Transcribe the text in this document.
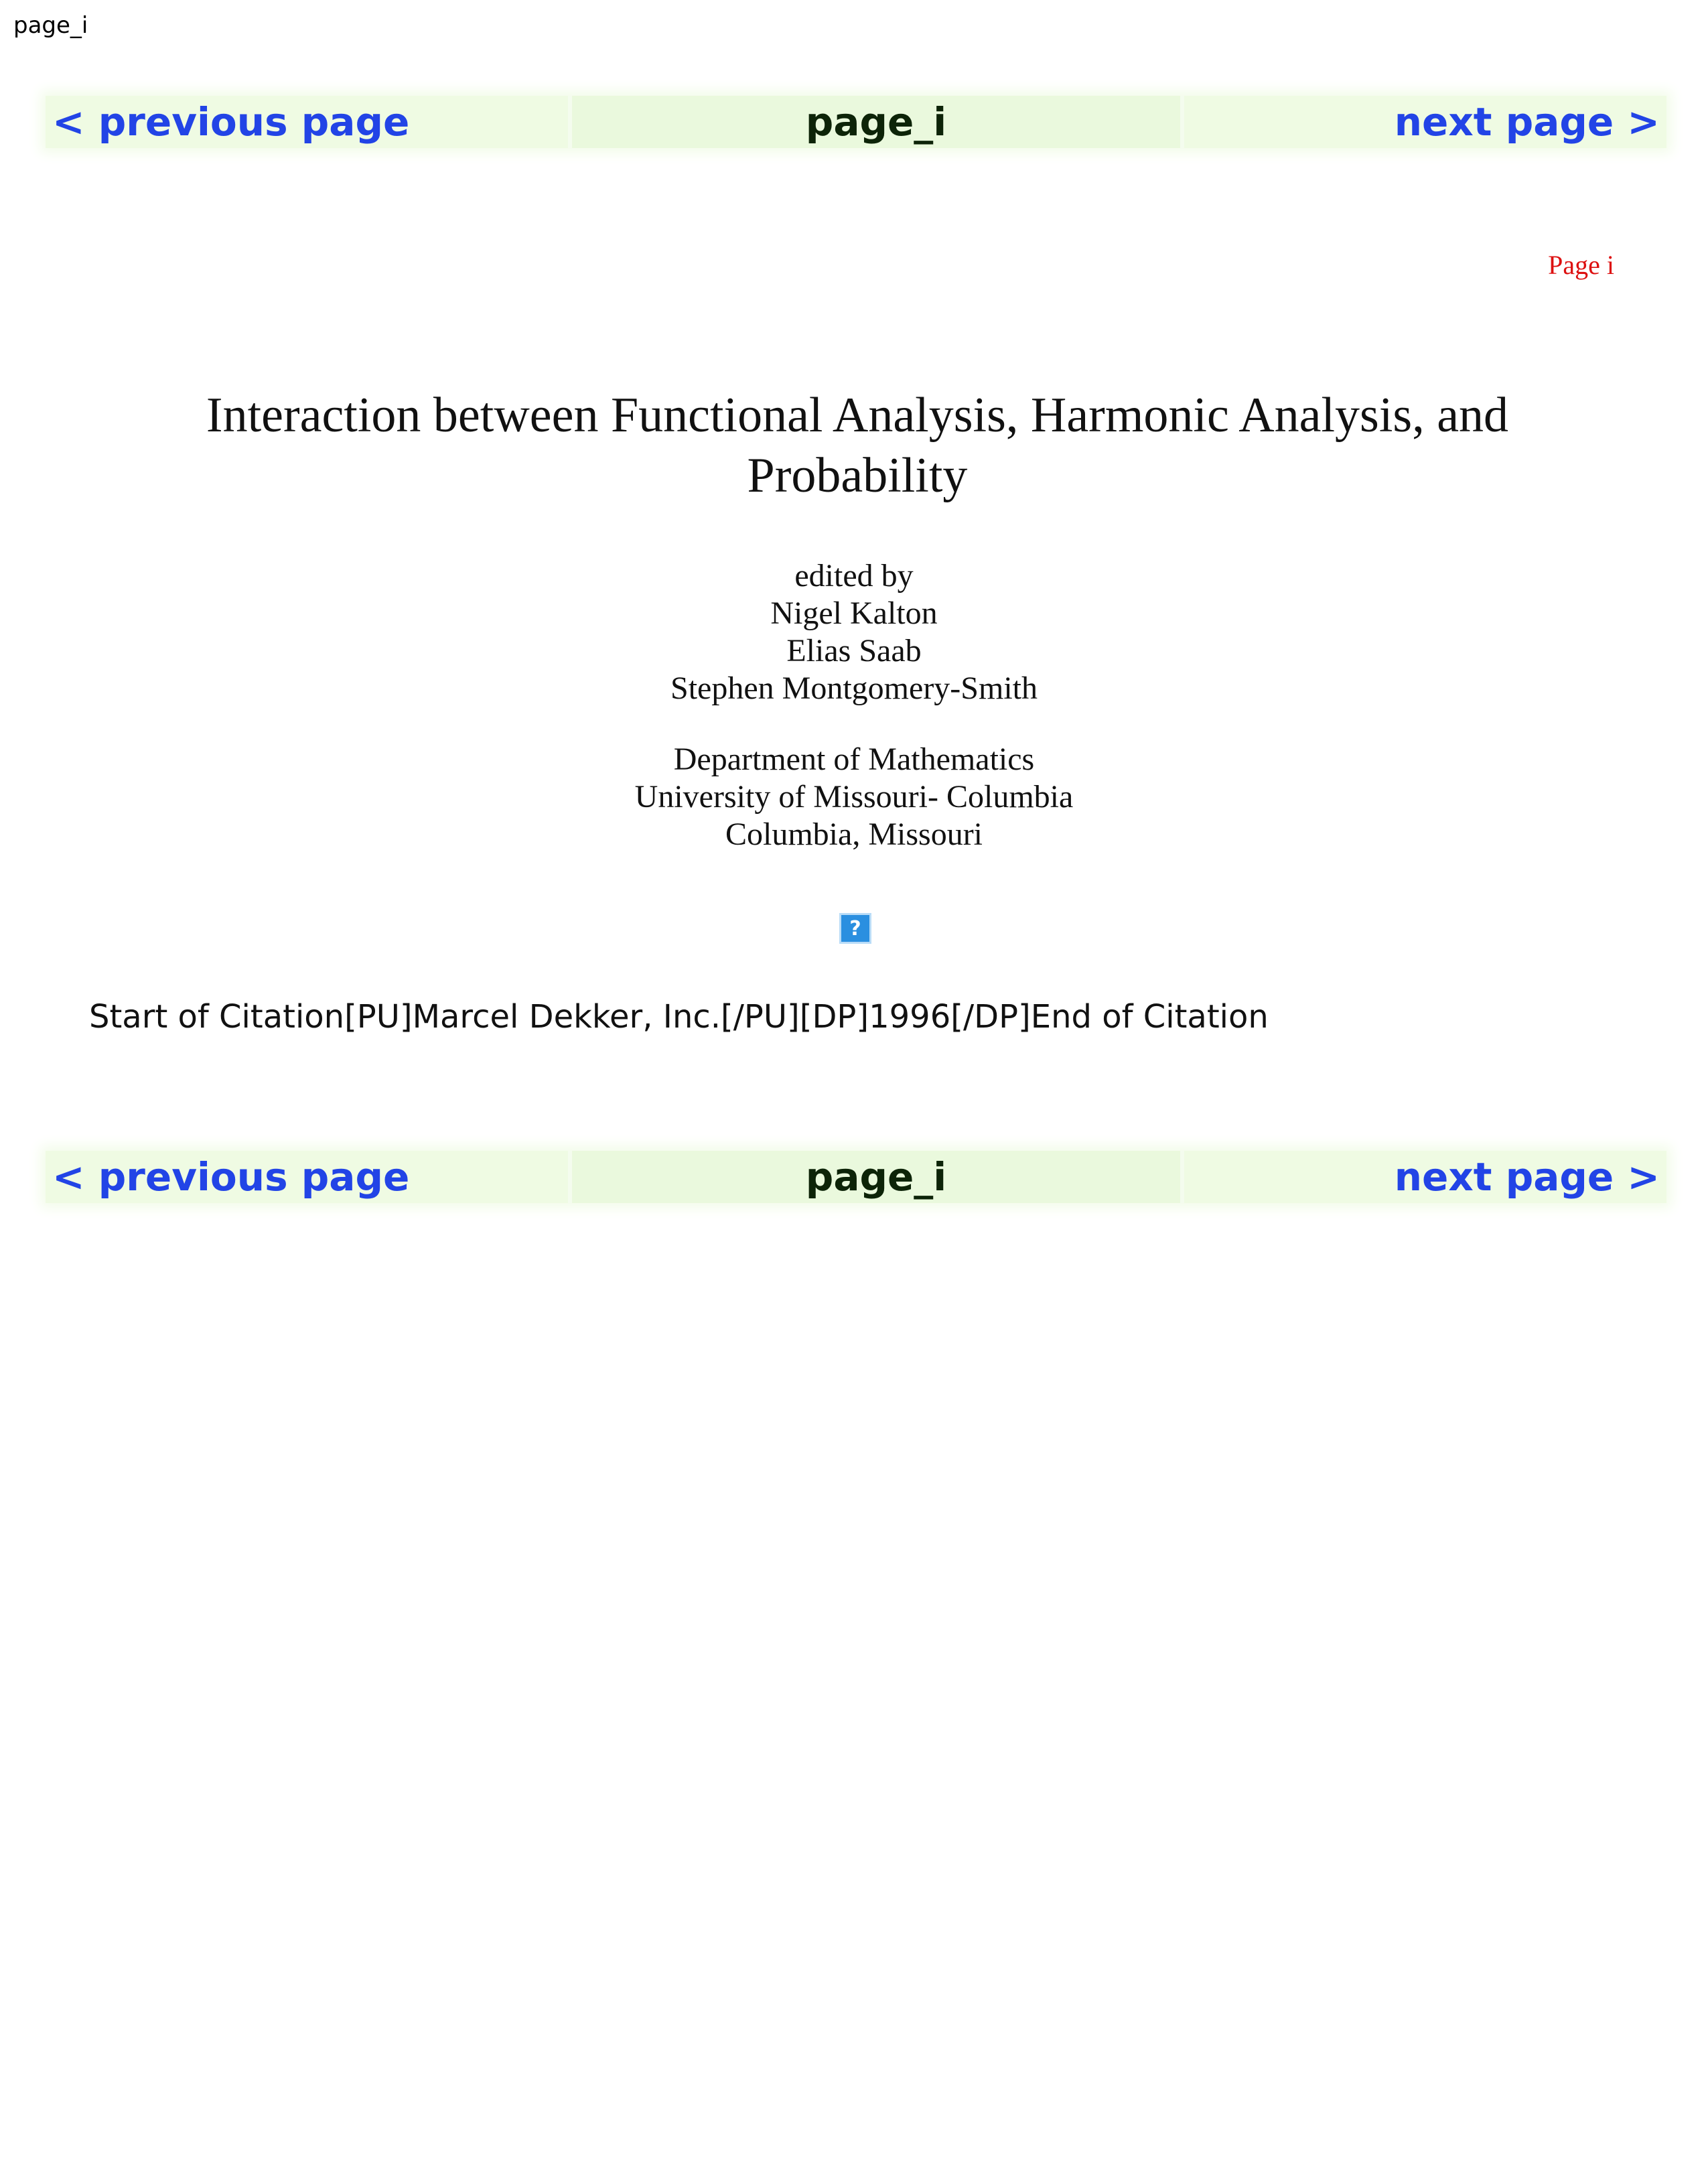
page_i
< previous page	page_i	next page >
Page i
Interaction between Functional Analysis, Harmonic Analysis, and
Probability
edited by
Nigel Kalton
Elias Saab
Stephen Montgomery-Smith
Department of Mathematics
University of Missouri- Columbia
Columbia, Missouri
?
Start of Citation[PU]Marcel Dekker, Inc.[/PU][DP]1996[/DP]End of Citation
< previous page	page_i	next page >
